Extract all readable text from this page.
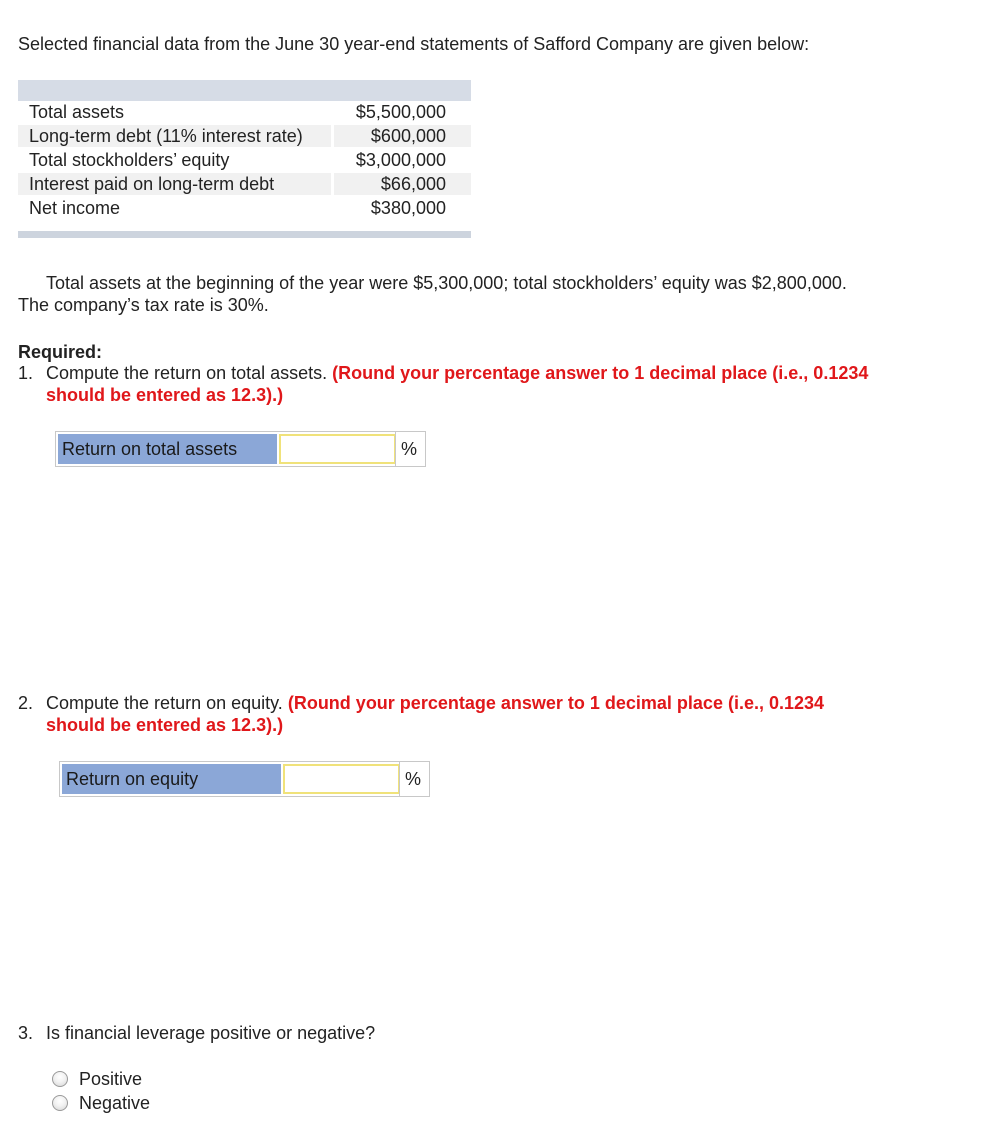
Selected financial data from the June 30 year-end statements of Safford Company are given below:
Total assets	$5,500,000
Long-term debt (11% interest rate)	$600,000
Total stockholders’ equity	$3,000,000
Interest paid on long-term debt	$66,000
Net income	$380,000
Total assets at the beginning of the year were $5,300,000; total stockholders’ equity was $2,800,000.
The company’s tax rate is 30%.
Required:
1. Compute the return on total assets. (Round your percentage answer to 1 decimal place (i.e., 0.1234
should be entered as 12.3).)
Return on total assets	%
2. Compute the return on equity. (Round your percentage answer to 1 decimal place (i.e., 0.1234
should be entered as 12.3).)
Return on equity	%
3. Is financial leverage positive or negative?
Positive
Negative
